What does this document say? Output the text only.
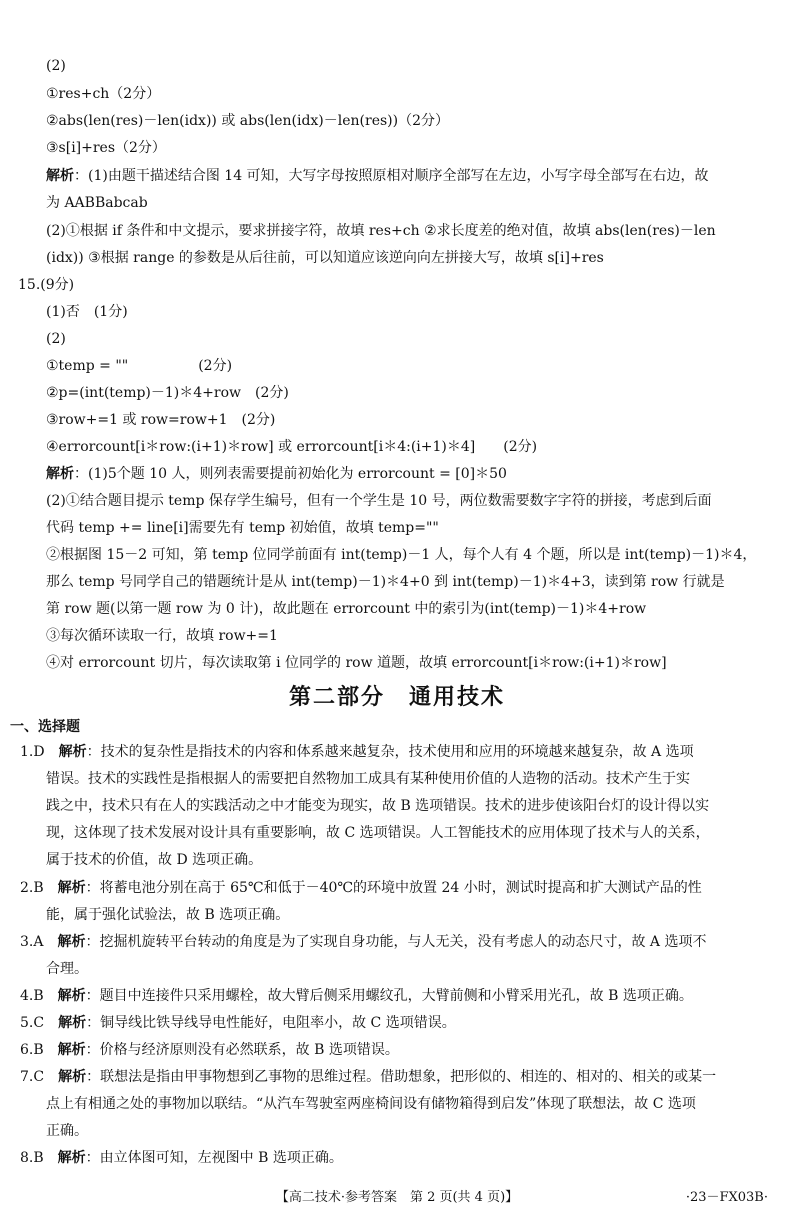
(2)
①res+ch（2分）
②abs(len(res)－len(idx)) 或 abs(len(idx)－len(res))（2分）
③s[i]+res（2分）
解析：(1)由题干描述结合图 14 可知，大写字母按照原相对顺序全部写在左边，小写字母全部写在右边，故
为 AABBabcab
(2)①根据 if 条件和中文提示，要求拼接字符，故填 res+ch ②求长度差的绝对值，故填 abs(len(res)－len
(idx)) ③根据 range 的参数是从后往前，可以知道应该逆向向左拼接大写，故填 s[i]+res
15.(9分)
(1)否　(1分)
(2)
①temp = ""　　　　　(2分)
②p=(int(temp)－1)＊4+row　(2分)
③row+=1 或 row=row+1　(2分)
④errorcount[i＊row:(i+1)＊row] 或 errorcount[i＊4:(i+1)＊4]　　(2分)
解析：(1)5个题 10 人，则列表需要提前初始化为 errorcount = [0]＊50
(2)①结合题目提示 temp 保存学生编号，但有一个学生是 10 号，两位数需要数字字符的拼接，考虑到后面
代码 temp += line[i]需要先有 temp 初始值，故填 temp=""
②根据图 15－2 可知，第 temp 位同学前面有 int(temp)－1 人，每个人有 4 个题，所以是 int(temp)－1)＊4，
那么 temp 号同学自己的错题统计是从 int(temp)－1)＊4+0 到 int(temp)－1)＊4+3，读到第 row 行就是
第 row 题(以第一题 row 为 0 计)，故此题在 errorcount 中的索引为(int(temp)－1)＊4+row
③每次循环读取一行，故填 row+=1
④对 errorcount 切片，每次读取第 i 位同学的 row 道题，故填 errorcount[i＊row:(i+1)＊row]
第二部分　通用技术
一、选择题
1.D　解析：技术的复杂性是指技术的内容和体系越来越复杂，技术使用和应用的环境越来越复杂，故 A 选项
错误。技术的实践性是指根据人的需要把自然物加工成具有某种使用价值的人造物的活动。技术产生于实
践之中，技术只有在人的实践活动之中才能变为现实，故 B 选项错误。技术的进步使该阳台灯的设计得以实
现，这体现了技术发展对设计具有重要影响，故 C 选项错误。人工智能技术的应用体现了技术与人的关系，
属于技术的价值，故 D 选项正确。
2.B　解析：将蓄电池分别在高于 65℃和低于－40℃的环境中放置 24 小时，测试时提高和扩大测试产品的性
能，属于强化试验法，故 B 选项正确。
3.A　解析：挖掘机旋转平台转动的角度是为了实现自身功能，与人无关，没有考虑人的动态尺寸，故 A 选项不
合理。
4.B　解析：题目中连接件只采用螺栓，故大臂后侧采用螺纹孔，大臂前侧和小臂采用光孔，故 B 选项正确。
5.C　解析：铜导线比铁导线导电性能好，电阻率小，故 C 选项错误。
6.B　解析：价格与经济原则没有必然联系，故 B 选项错误。
7.C　解析：联想法是指由甲事物想到乙事物的思维过程。借助想象，把形似的、相连的、相对的、相关的或某一
点上有相通之处的事物加以联结。“从汽车驾驶室两座椅间设有储物箱得到启发”体现了联想法，故 C 选项
正确。
8.B　解析：由立体图可知，左视图中 B 选项正确。
【高二技术·参考答案　第 2 页(共 4 页)】	·23－FX03B·
